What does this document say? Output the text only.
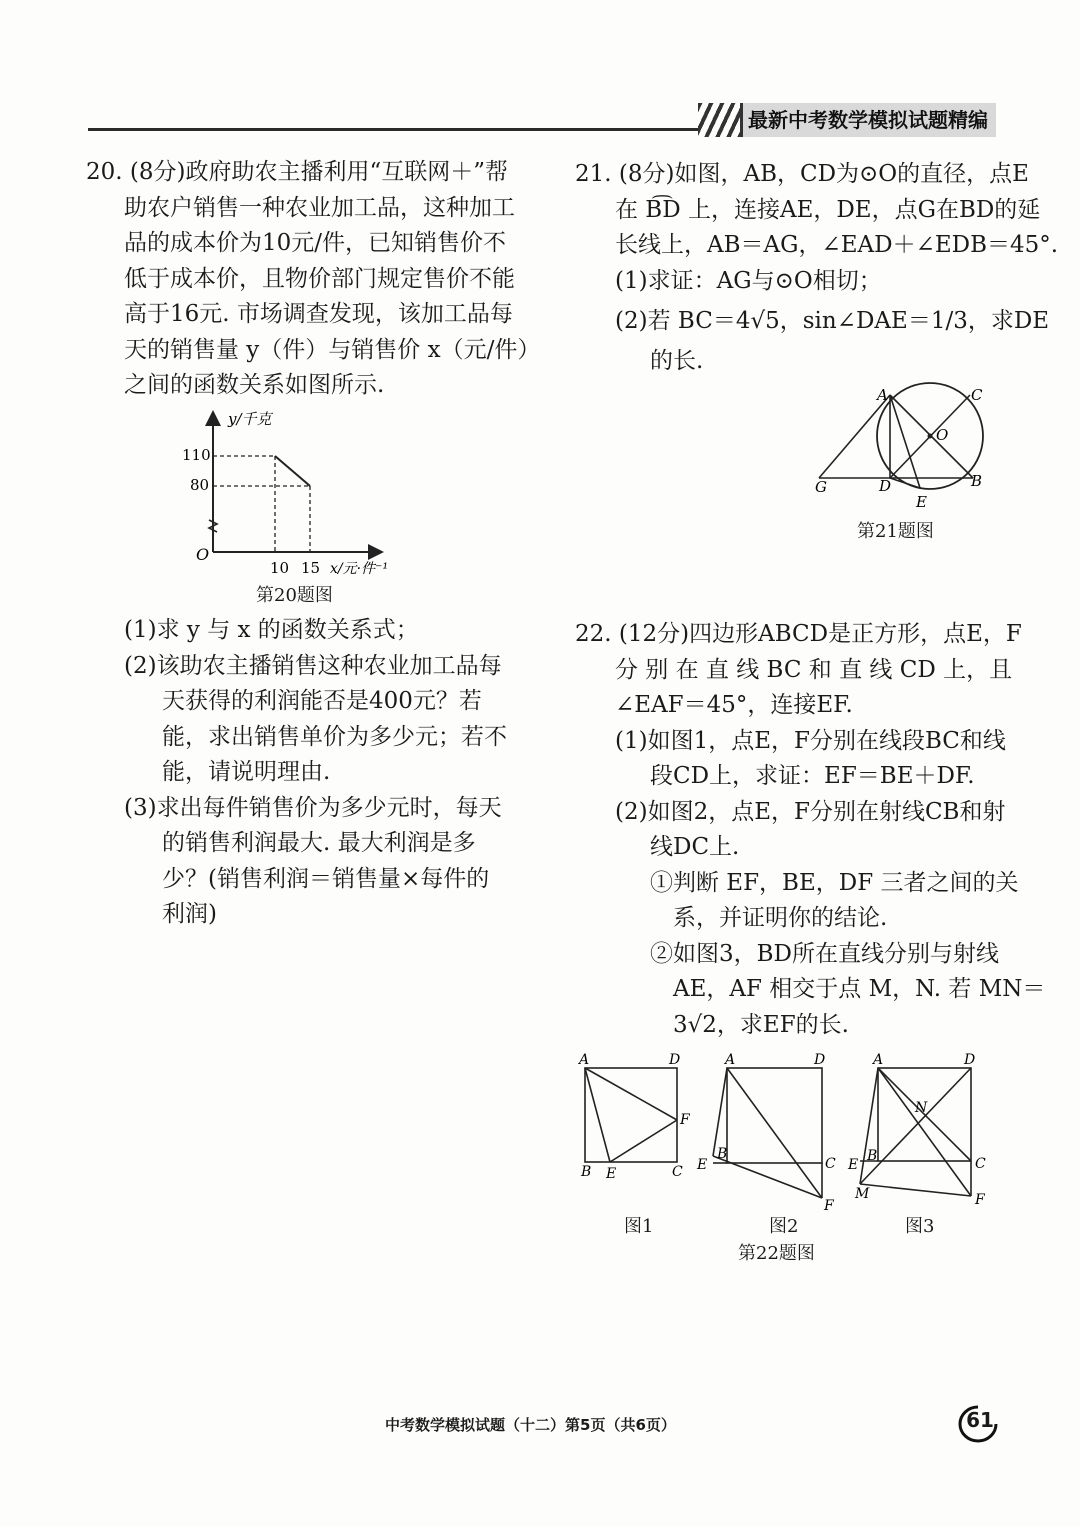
最新中考数学模拟试题精编

20. (8分)政府助农主播利用“互联网＋”帮

助农户销售一种农业加工品，这种加工

品的成本价为10元/件，已知销售价不

低于成本价，且物价部门规定售价不能

高于16元. 市场调查发现，该加工品每

天的销售量 y（件）与销售价 x（元/件）

之间的函数关系如图所示.

y/千克
110
80
O
10 15 x/元·件⁻¹
第20题图

(1)求 y 与 x 的函数关系式；

(2)该助农主播销售这种农业加工品每

天获得的利润能否是400元？若

能，求出销售单价为多少元；若不

能，请说明理由.

(3)求出每件销售价为多少元时，每天

的销售利润最大. 最大利润是多

少？(销售利润＝销售量×每件的

利润)

21. (8分)如图，AB，CD为⊙O的直径，点E

在 B͡D 上，连接AE，DE，点G在BD的延

长线上，AB＝AG，∠EAD＋∠EDB＝45°.

(1)求证：AG与⊙O相切；

(2)若 BC＝4√5，sin∠DAE＝1/3，求DE

的长.

A	C
O
G	D
E
B
第21题图

22. (12分)四边形ABCD是正方形，点E，F

分 别 在 直 线 BC 和 直 线 CD 上，且

∠EAF＝45°，连接EF.

(1)如图1，点E，F分别在线段BC和线

段CD上，求证：EF＝BE＋DF.

(2)如图2，点E，F分别在射线CB和射

线DC上.

①判断 EF，BE，DF 三者之间的关

系，并证明你的结论.

②如图3，BD所在直线分别与射线

AE，AF 相交于点 M，N. 若 MN＝

3√2，求EF的长.

A	D
F
B E	C
A	D
B
E	C
F
A	D
N
B
E	C
M	F
图1	图2	图3
第22题图
中考数学模拟试题（十二）第5页（共6页）	61
